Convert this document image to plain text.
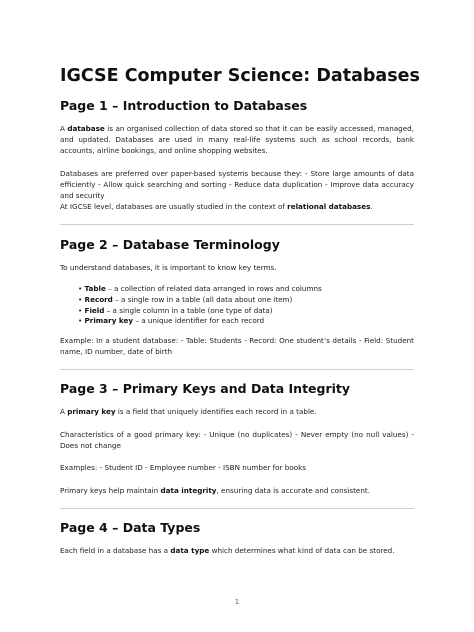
IGCSE Computer Science: Databases
Page 1 – Introduction to Databases

A database is an organised collection of data stored so that it can be easily accessed, managed, and updated. Databases are used in many real-life systems such as school records, bank accounts, airline bookings, and online shopping websites.

Databases are preferred over paper-based systems because they: - Store large amounts of data efficiently - Allow quick searching and sorting - Reduce data duplication - Improve data accuracy and security

At IGCSE level, databases are usually studied in the context of relational databases.

Page 2 – Database Terminology

To understand databases, it is important to know key terms.

• Table – a collection of related data arranged in rows and columns
• Record – a single row in a table (all data about one item)
• Field – a single column in a table (one type of data)
• Primary key – a unique identifier for each record

Example: In a student database: - Table: Students - Record: One student’s details - Field: Student name, ID number, date of birth

Page 3 – Primary Keys and Data Integrity

A primary key is a field that uniquely identifies each record in a table.

Characteristics of a good primary key: - Unique (no duplicates) - Never empty (no null values) - Does not change

Examples: - Student ID - Employee number - ISBN number for books

Primary keys help maintain data integrity, ensuring data is accurate and consistent.

Page 4 – Data Types

Each field in a database has a data type which determines what kind of data can be stored.

1
